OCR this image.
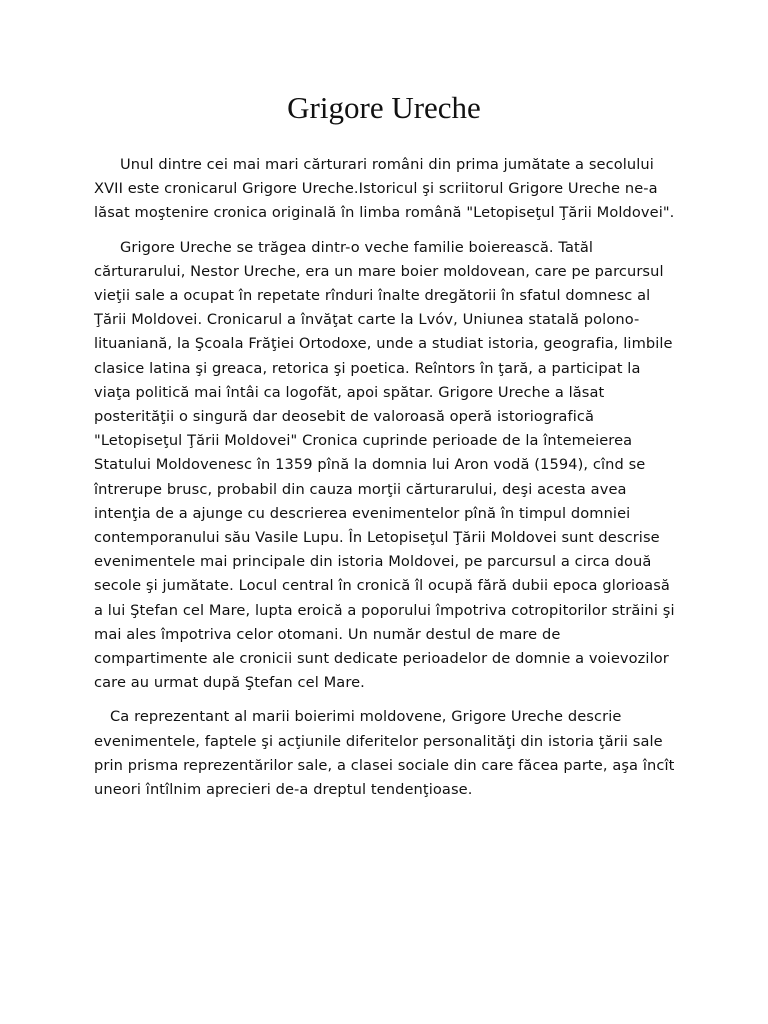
Grigore Ureche

Unul dintre cei mai mari cărturari români din prima jumătate a secolului XVII este cronicarul Grigore Ureche.Istoricul şi scriitorul Grigore Ureche ne-a lăsat moştenire cronica originală în limba română "Letopiseţul Ţării Moldovei".

Grigore Ureche se trăgea dintr-o veche familie boierească. Tatăl cărturarului, Nestor Ureche, era un mare boier moldovean, care pe parcursul vieţii sale a ocupat în repetate rînduri înalte dregătorii în sfatul domnesc al Ţării Moldovei. Cronicarul a învăţat carte la Lvóv, Uniunea statală polono-lituaniană, la Şcoala Frăţiei Ortodoxe, unde a studiat istoria, geografia, limbile clasice latina şi greaca, retorica şi poetica. Reîntors în ţară, a participat la viaţa politică mai întâi ca logofăt, apoi spătar. Grigore Ureche a lăsat posterităţii o singură dar deosebit de valoroasă operă istoriografică "Letopiseţul Ţării Moldovei" Cronica cuprinde perioade de la întemeierea Statului Moldovenesc în 1359 pînă la domnia lui Aron vodă (1594), cînd se întrerupe brusc, probabil din cauza morţii cărturarului, deşi acesta avea intenţia de a ajunge cu descrierea evenimentelor pînă în timpul domniei contemporanului său Vasile Lupu. În Letopiseţul Ţării Moldovei sunt descrise evenimentele mai principale din istoria Moldovei, pe parcursul a circa două secole şi jumătate. Locul central în cronică îl ocupă fără dubii epoca glorioasă a lui Ştefan cel Mare, lupta eroică a poporului împotriva cotropitorilor străini şi mai ales împotriva celor otomani. Un număr destul de mare de compartimente ale cronicii sunt dedicate perioadelor de domnie a voievozilor care au urmat după Ştefan cel Mare.

Ca reprezentant al marii boierimi moldovene, Grigore Ureche descrie evenimentele, faptele şi acţiunile diferitelor personalităţi din istoria ţării sale prin prisma reprezentărilor sale, a clasei sociale din care făcea parte, aşa încît uneori întîlnim aprecieri de-a dreptul tendenţioase.
